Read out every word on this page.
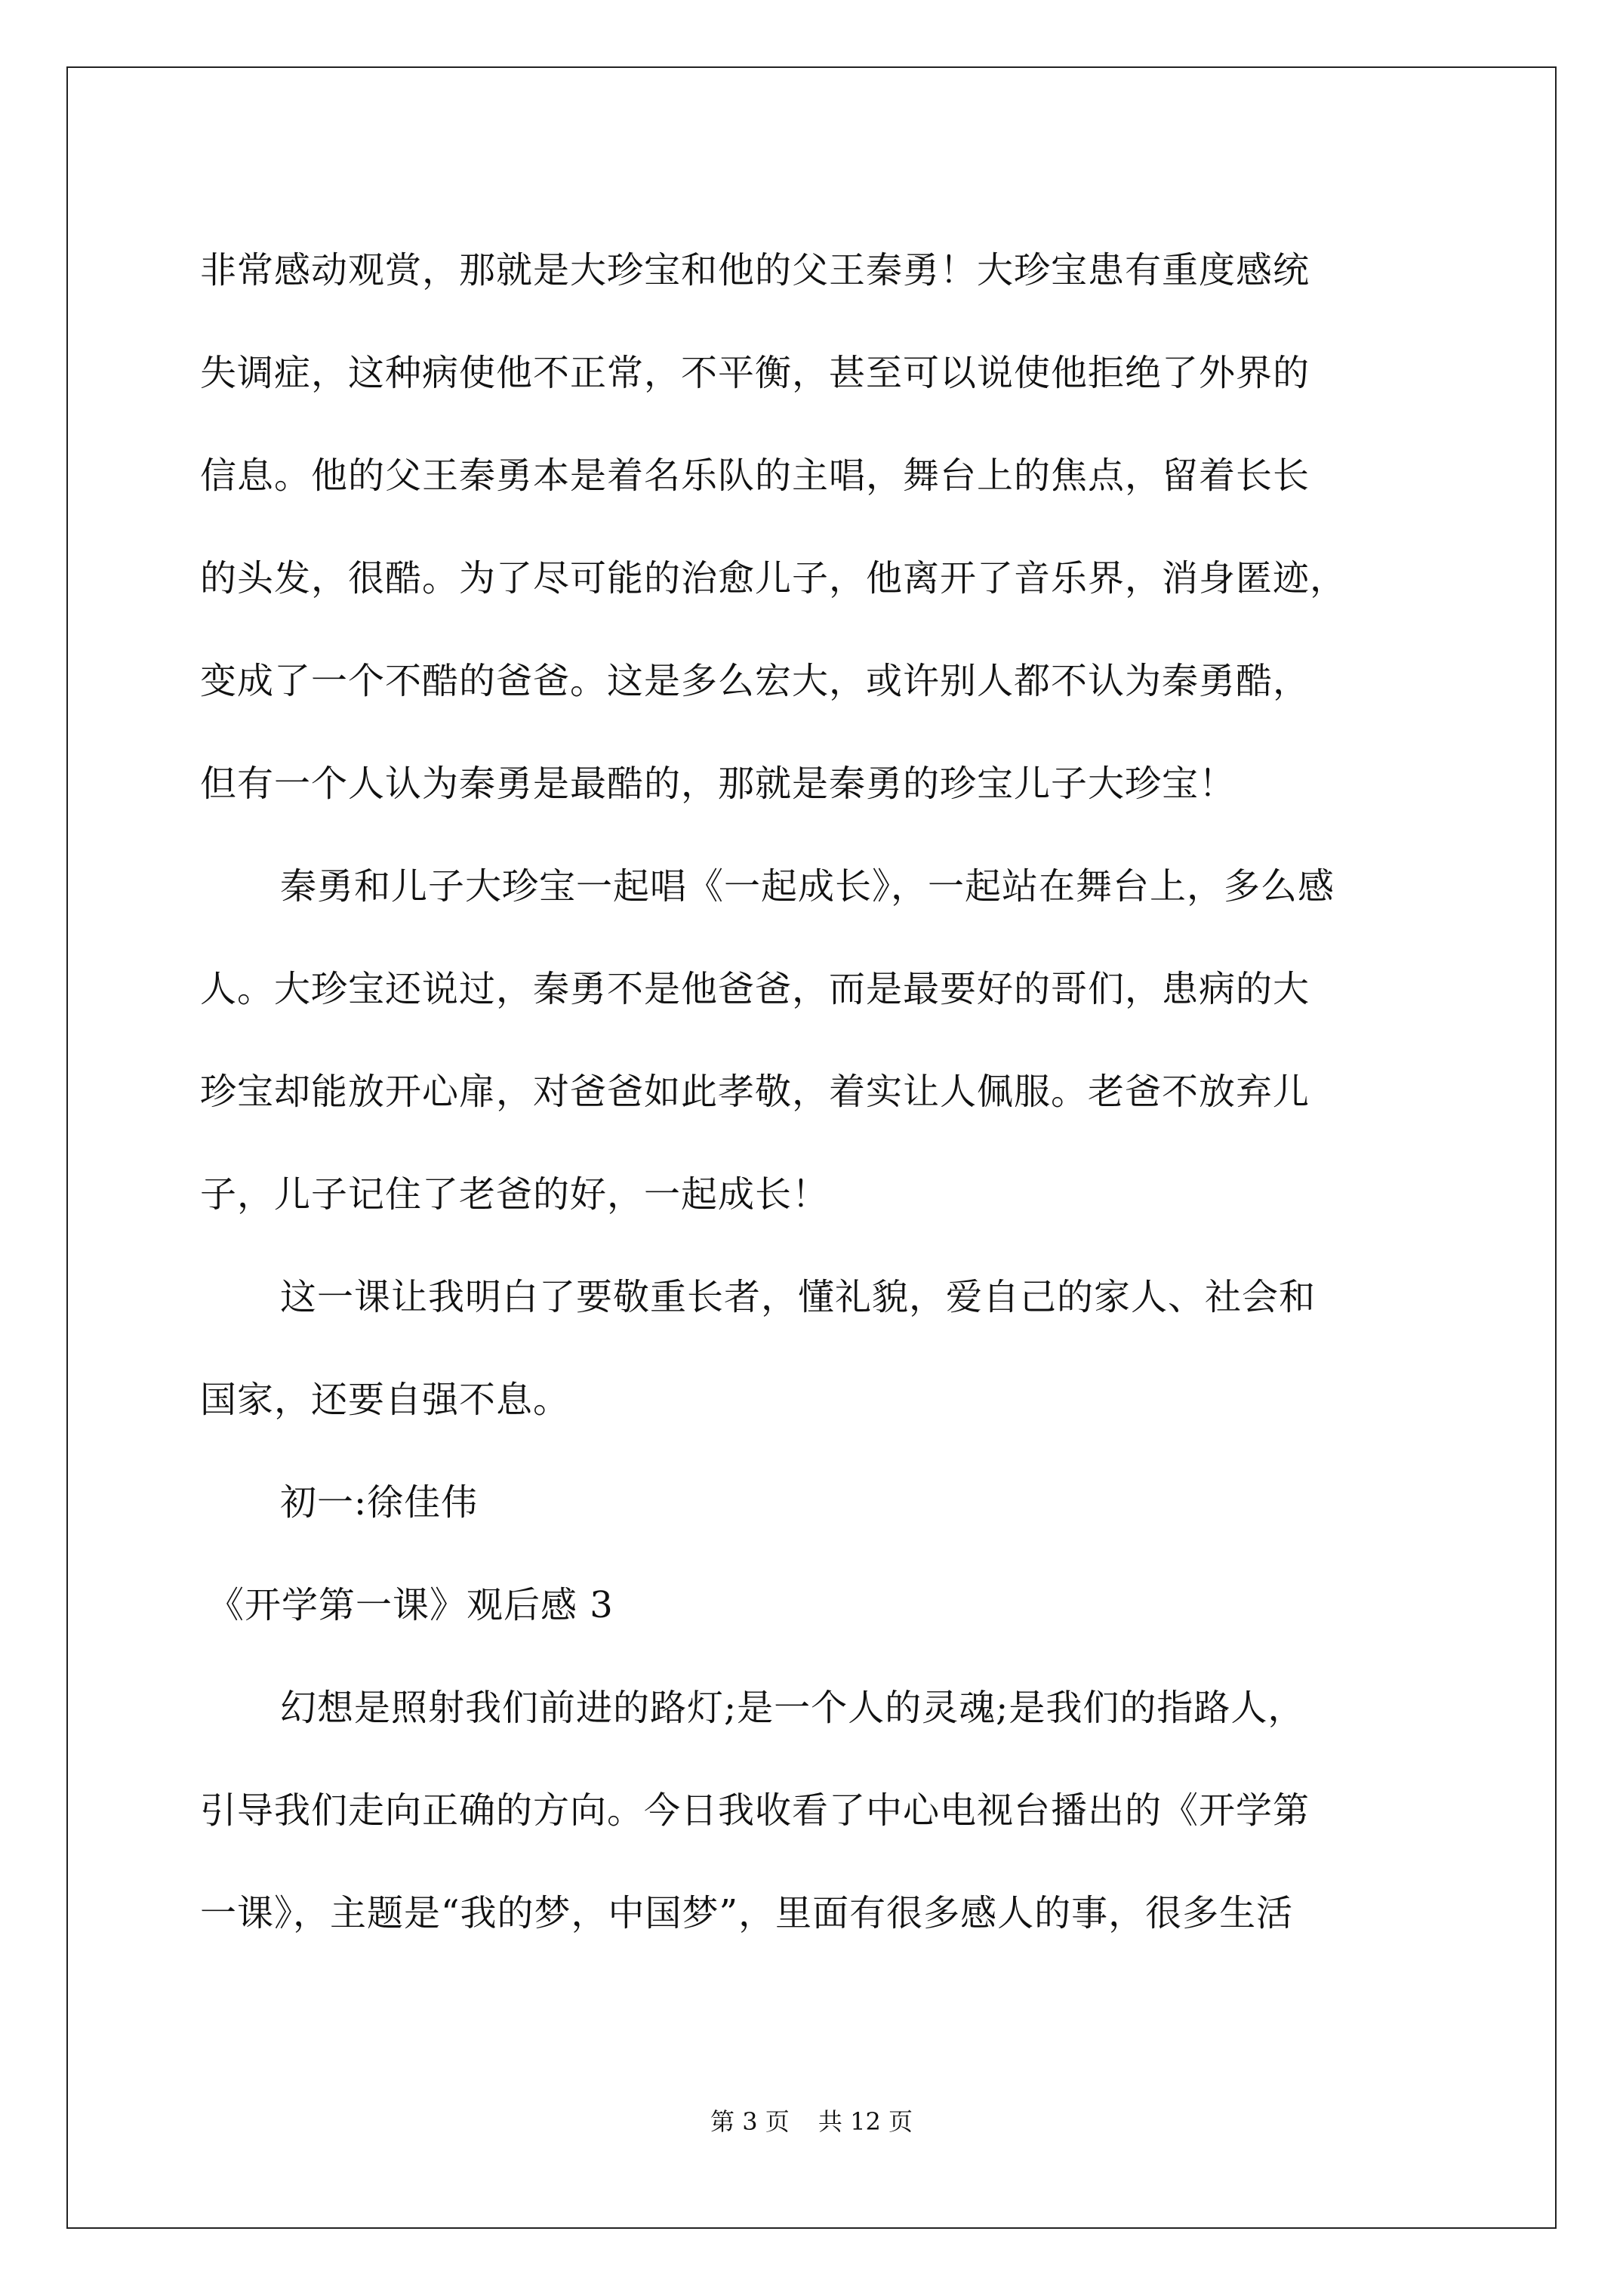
非常感动观赏，那就是大珍宝和他的父王秦勇！大珍宝患有重度感统
失调症，这种病使他不正常，不平衡，甚至可以说使他拒绝了外界的
信息。他的父王秦勇本是着名乐队的主唱，舞台上的焦点，留着长长
的头发，很酷。为了尽可能的治愈儿子，他离开了音乐界，消身匿迹，
变成了一个不酷的爸爸。这是多么宏大，或许别人都不认为秦勇酷，
但有一个人认为秦勇是最酷的，那就是秦勇的珍宝儿子大珍宝！
秦勇和儿子大珍宝一起唱《一起成长》，一起站在舞台上，多么感
人。大珍宝还说过，秦勇不是他爸爸，而是最要好的哥们，患病的大
珍宝却能放开心扉，对爸爸如此孝敬，着实让人佩服。老爸不放弃儿
子，儿子记住了老爸的好，一起成长！
这一课让我明白了要敬重长者，懂礼貌，爱自己的家人、社会和
国家，还要自强不息。
初一:徐佳伟
《开学第一课》观后感 3
幻想是照射我们前进的路灯;是一个人的灵魂;是我们的指路人，
引导我们走向正确的方向。今日我收看了中心电视台播出的《开学第
一课》，主题是“我的梦，中国梦”，里面有很多感人的事，很多生活
第 3 页 共 12 页
